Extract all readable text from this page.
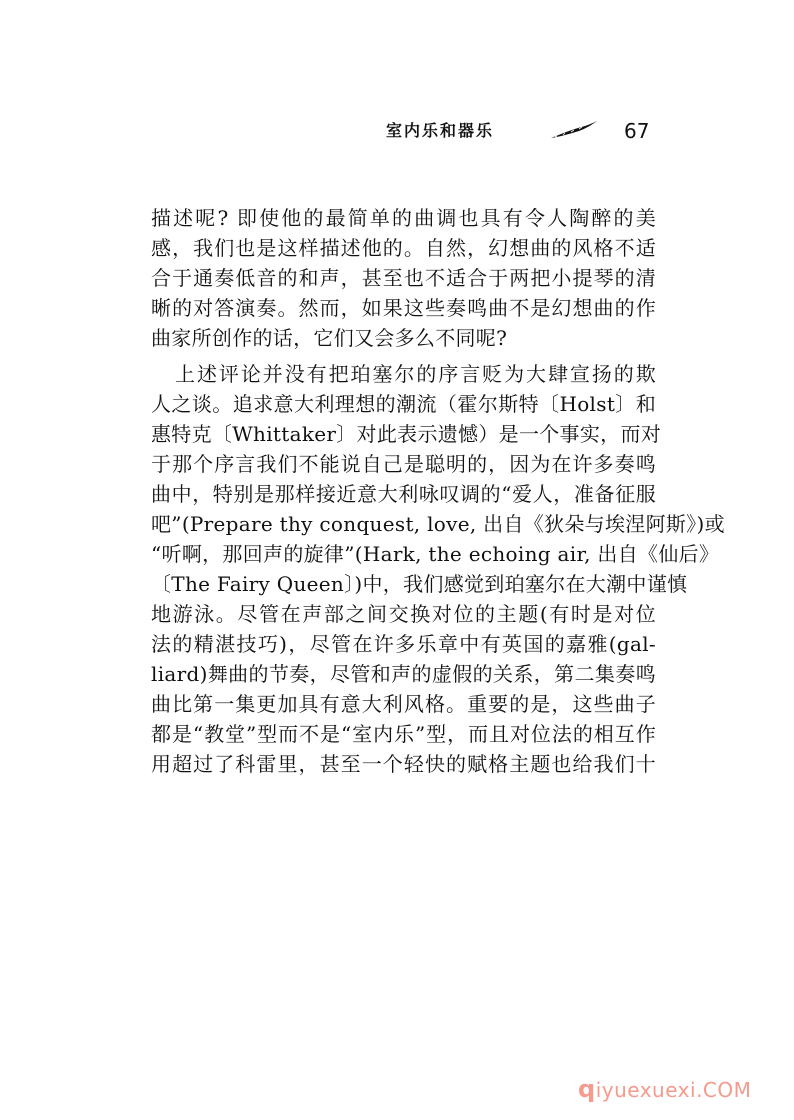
室内乐和器乐	67
描述呢? 即使他的最简单的曲调也具有令人陶醉的美
感，我们也是这样描述他的。自然，幻想曲的风格不适
合于通奏低音的和声，甚至也不适合于两把小提琴的清
晰的对答演奏。然而，如果这些奏鸣曲不是幻想曲的作
曲家所创作的话，它们又会多么不同呢?
上述评论并没有把珀塞尔的序言贬为大肆宣扬的欺
人之谈。追求意大利理想的潮流（霍尔斯特〔Holst〕和
惠特克〔Whittaker〕对此表示遗憾）是一个事实，而对
于那个序言我们不能说自己是聪明的，因为在许多奏鸣
曲中，特别是那样接近意大利咏叹调的“爱人，准备征服
吧”(Prepare thy conquest, love, 出自《狄朵与埃涅阿斯》)或
“听啊，那回声的旋律”(Hark, the echoing air, 出自《仙后》
〔The Fairy Queen〕)中，我们感觉到珀塞尔在大潮中谨慎
地游泳。尽管在声部之间交换对位的主题(有时是对位
法的精湛技巧)，尽管在许多乐章中有英国的嘉雅(gal-
liard)舞曲的节奏，尽管和声的虚假的关系，第二集奏鸣
曲比第一集更加具有意大利风格。重要的是，这些曲子
都是“教堂”型而不是“室内乐”型，而且对位法的相互作
用超过了科雷里，甚至一个轻快的赋格主题也给我们十
qiyuexuexi.COM
